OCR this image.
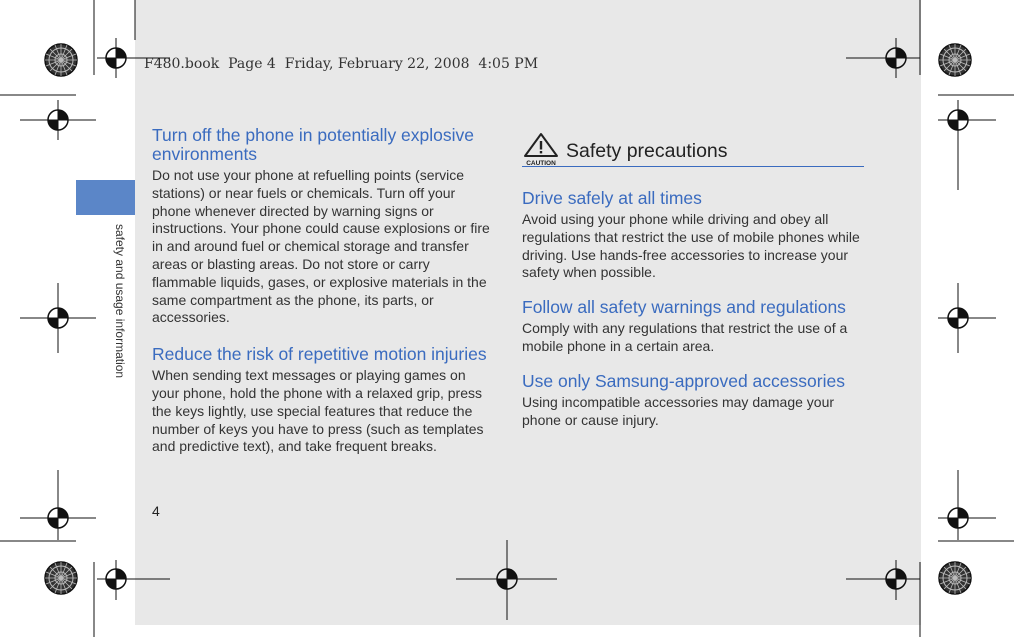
safety and usage information
F480.book  Page 4  Friday, February 22, 2008  4:05 PM
Turn off the phone in potentially explosive environments

Do not use your phone at refuelling points (service stations) or near fuels or chemicals. Turn off your phone whenever directed by warning signs or instructions. Your phone could cause explosions or fire in and around fuel or chemical storage and transfer areas or blasting areas. Do not store or carry flammable liquids, gases, or explosive materials in the same compartment as the phone, its parts, or accessories.

Reduce the risk of repetitive motion injuries

When sending text messages or playing games on your phone, hold the phone with a relaxed grip, press the keys lightly, use special features that reduce the number of keys you have to press (such as templates and predictive text), and take frequent breaks.

CAUTION
Safety precautions
Drive safely at all times

Avoid using your phone while driving and obey all regulations that restrict the use of mobile phones while driving. Use hands-free accessories to increase your safety when possible.

Follow all safety warnings and regulations

Comply with any regulations that restrict the use of a mobile phone in a certain area.

Use only Samsung-approved accessories

Using incompatible accessories may damage your phone or cause injury.

4
